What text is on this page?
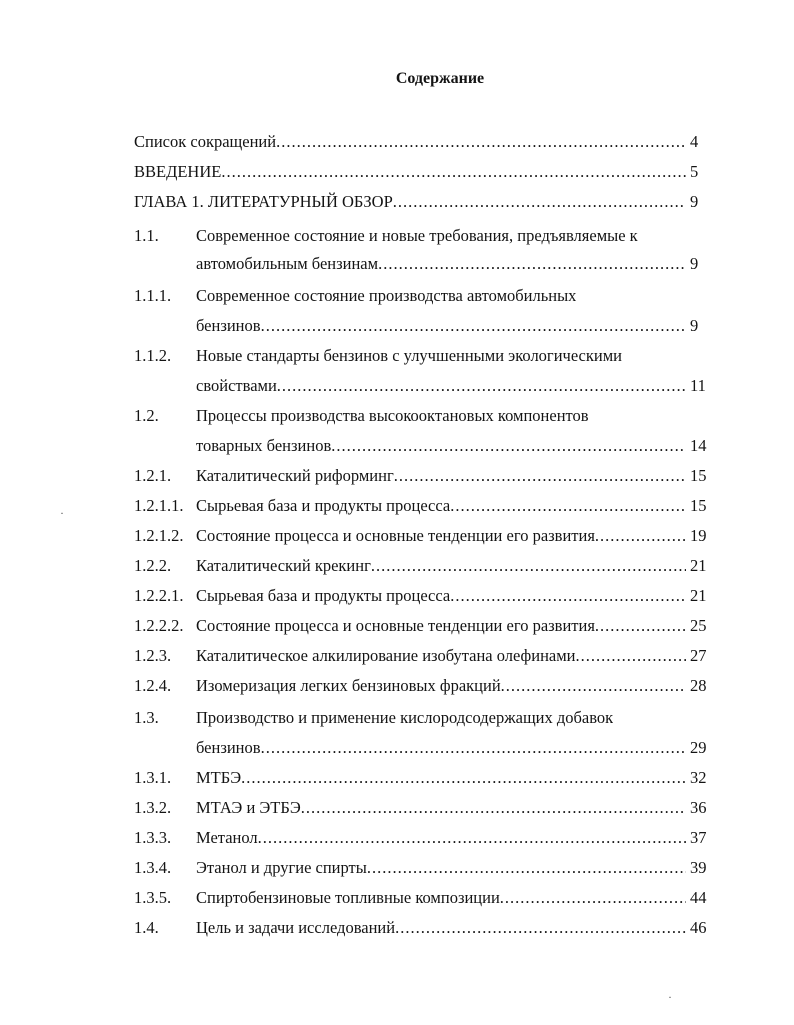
Содержание
Список сокращений .....	4
ВВЕДЕНИЕ .....	5
ГЛАВА 1. ЛИТЕРАТУРНЫЙ ОБЗОР .....	9
1.1. Современное состояние и новые требования, предъявляемые к
автомобильным бензинам .....	9
1.1.1. Современное состояние производства автомобильных
бензинов .....	9
1.1.2. Новые стандарты бензинов с улучшенными экологическими
свойствами .....	11
1.2. Процессы производства высокооктановых компонентов
товарных бензинов .....	14
1.2.1. Каталитический риформинг .....	15
1.2.1.1. Сырьевая база и продукты процесса .....	15
1.2.1.2. Состояние процесса и основные тенденции его развития .....	19
1.2.2. Каталитический крекинг .....	21
1.2.2.1. Сырьевая база и продукты процесса .....	21
1.2.2.2. Состояние процесса и основные тенденции его развития .....	25
1.2.3. Каталитическое алкилирование изобутана олефинами .....	27
1.2.4. Изомеризация легких бензиновых фракций .....	28
1.3. Производство и применение кислородсодержащих добавок
бензинов .....	29
1.3.1. МТБЭ .....	32
1.3.2. МТАЭ и ЭТБЭ .....	36
1.3.3. Метанол .....	37
1.3.4. Этанол и другие спирты .....	39
1.3.5. Спиртобензиновые топливные композиции .....	44
1.4. Цель и задачи исследований .....	46
·
·
